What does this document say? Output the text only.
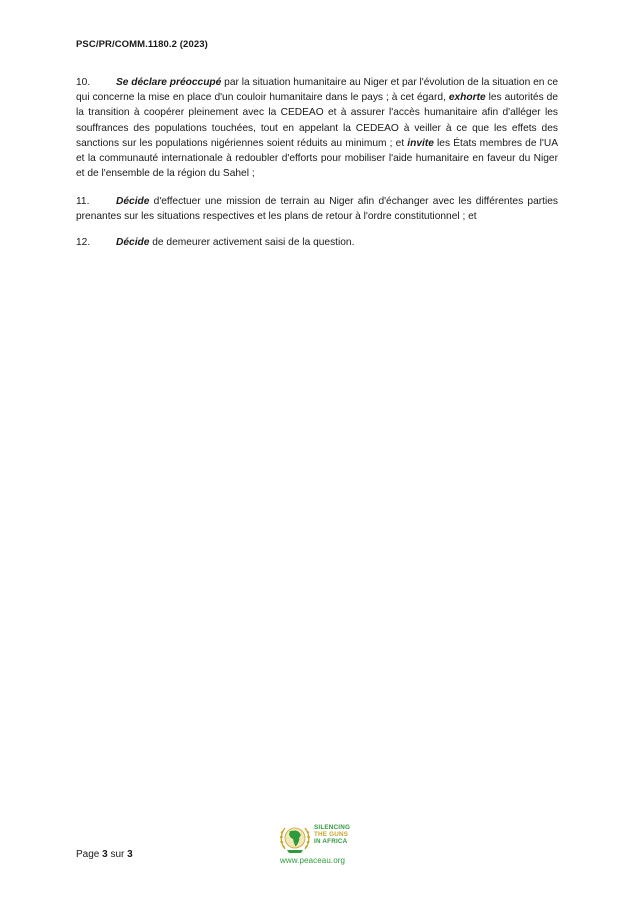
PSC/PR/COMM.1180.2 (2023)
10.	Se déclare préoccupé par la situation humanitaire au Niger et par l'évolution de la situation en ce qui concerne la mise en place d'un couloir humanitaire dans le pays ; à cet égard, exhorte les autorités de la transition à coopérer pleinement avec la CEDEAO et à assurer l'accès humanitaire afin d'alléger les souffrances des populations touchées, tout en appelant la CEDEAO à veiller à ce que les effets des sanctions sur les populations nigériennes soient réduits au minimum ; et invite les États membres de l'UA et la communauté internationale à redoubler d'efforts pour mobiliser l'aide humanitaire en faveur du Niger et de l'ensemble de la région du Sahel ;
11.	Décide d'effectuer une mission de terrain au Niger afin d'échanger avec les différentes parties prenantes sur les situations respectives et les plans de retour à l'ordre constitutionnel ; et
12.	Décide de demeurer activement saisi de la question.
Page 3 sur 3
SILENCING
THE GUNS
IN AFRICA
www.peaceau.org
